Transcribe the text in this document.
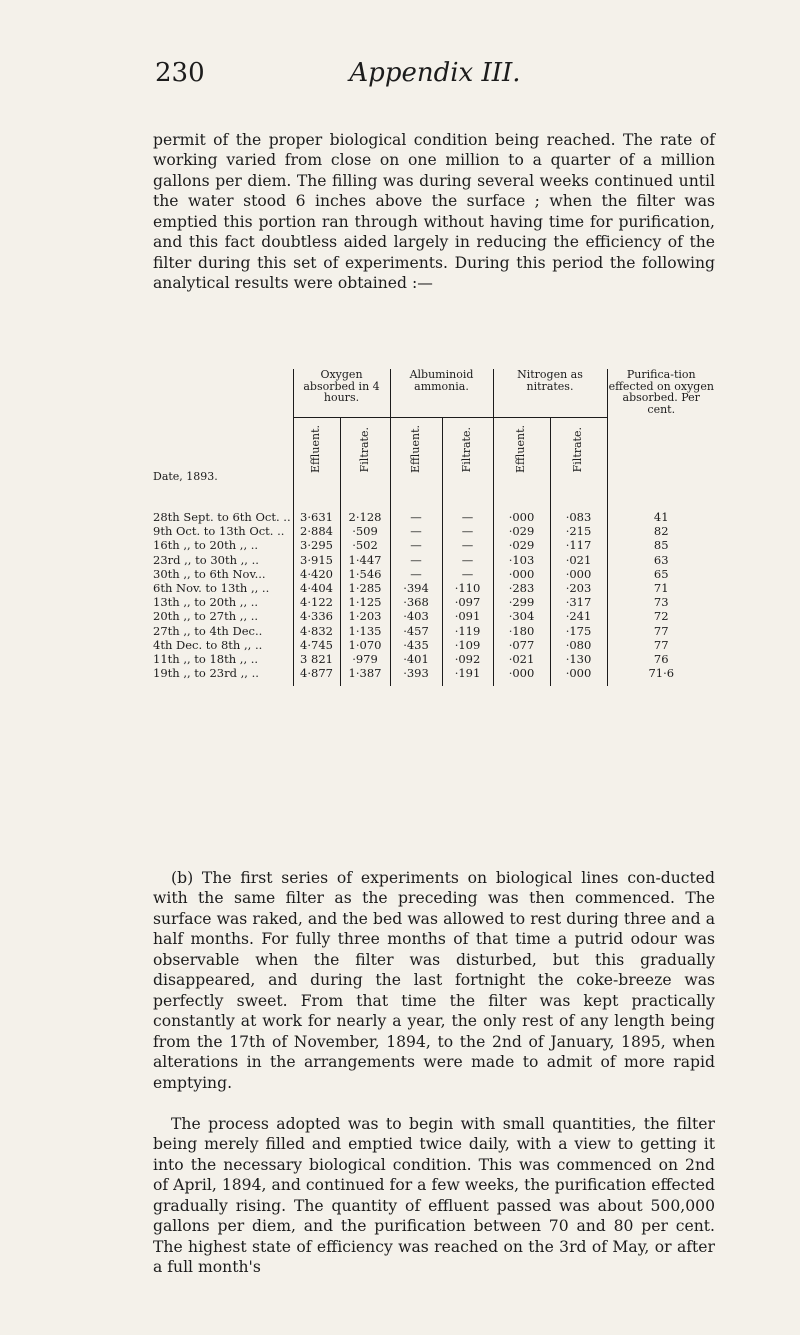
230	Appendix III.

permit of the proper biological condition being reached. The rate of working varied from close on one million to a quarter of a million gallons per diem. The filling was during several weeks continued until the water stood 6 inches above the surface ; when the filter was emptied this portion ran through without having time for purification, and this fact doubtless aided largely in reducing the efficiency of the filter during this set of experiments. During this period the following analytical results were obtained :—

Date, 1893.	Oxygen absorbed in 4 hours.		Albuminoid ammonia.		Nitrogen as nitrates.		Purifica-tion effected on oxygen absorbed. Per cent.
	Effluent.	Filtrate.	Effluent.	Filtrate.	Effluent.	Filtrate.	

28th Sept. to 6th Oct. ..	3·631	2·128	—	—	·000	·083	41
9th Oct. to 13th Oct. ..	2·884	·509	—	—	·029	·215	82
16th ,, to 20th ,, ..	3·295	·502	—	—	·029	·117	85
23rd ,, to 30th ,, ..	3·915	1·447	—	—	·103	·021	63
30th ,, to 6th Nov...	4·420	1·546	—	—	·000	·000	65
6th Nov. to 13th ,, ..	4·404	1·285	·394	·110	·283	·203	71
13th ,, to 20th ,, ..	4·122	1·125	·368	·097	·299	·317	73
20th ,, to 27th ,, ..	4·336	1·203	·403	·091	·304	·241	72
27th ,, to 4th Dec..	4·832	1·135	·457	·119	·180	·175	77
4th Dec. to 8th ,, ..	4·745	1·070	·435	·109	·077	·080	77
11th ,, to 18th ,, ..	3 821	·979	·401	·092	·021	·130	76
19th ,, to 23rd ,, ..	4·877	1·387	·393	·191	·000	·000	71·6

(b) The first series of experiments on biological lines con-ducted with the same filter as the preceding was then commenced. The surface was raked, and the bed was allowed to rest during three and a half months. For fully three months of that time a putrid odour was observable when the filter was disturbed, but this gradually disappeared, and during the last fortnight the coke-breeze was perfectly sweet. From that time the filter was kept practically constantly at work for nearly a year, the only rest of any length being from the 17th of November, 1894, to the 2nd of January, 1895, when alterations in the arrangements were made to admit of more rapid emptying.

The process adopted was to begin with small quantities, the filter being merely filled and emptied twice daily, with a view to getting it into the necessary biological condition. This was commenced on 2nd of April, 1894, and continued for a few weeks, the purification effected gradually rising. The quantity of effluent passed was about 500,000 gallons per diem, and the purification between 70 and 80 per cent. The highest state of efficiency was reached on the 3rd of May, or after a full month's
